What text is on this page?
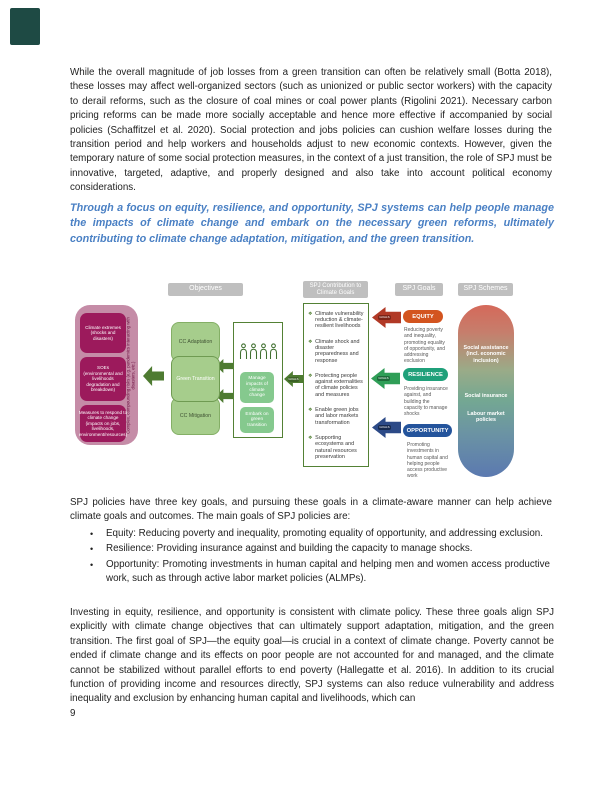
While the overall magnitude of job losses from a green transition can often be relatively small (Botta 2018), these losses may affect well-organized sectors (such as unionized or public sector workers) with the capacity to derail reforms, such as the closure of coal mines or coal power plants (Rigolini 2021). Necessary carbon pricing reforms can be made more socially acceptable and hence more effective if accompanied by social policies (Schaffitzel et al. 2020). Social protection and jobs policies can cushion welfare losses during the transition period and help workers and households adjust to new economic contexts. However, given the temporary nature of some social protection measures, in the context of a just transition, the role of SPJ must be innovative, targeted, adaptive, and properly designed and also take into account political economy considerations.

Through a focus on equity, resilience, and opportunity, SPJ systems can help people manage the impacts of climate change and embark on the necessary green reforms, ultimately contributing to climate change adaptation, mitigation, and the green transition.

Objectives	SPJ Contribution to Climate Goals
SPJ Goals	SPJ Schemes
Climate extremes (shocks and disasters)
SOEs (environmental and livelihoods degradation and breakdown)
Measures to respond to climate change (impacts on jobs, livelihoods, environment/resources)
Complex, compounding risks (e.g. pandemics interacting with disasters, etc.)
CC Adaptation
Green Transition
CC Mitigation
Manage impacts of climate change
Embark on green transition
GOALS
❖ Climate vulnerability reduction & climate-resilient livelihoods
❖ Climate shock and disaster preparedness and response
❖ Protecting people against externalities of climate policies and measures
❖ Enable green jobs and labor markets transformation
❖ Supporting ecosystems and natural resources preservation
GOALS
GOALS
GOALS
EQUITY
Reducing poverty and inequality, promoting equality of opportunity, and addressing exclusion
RESILIENCE
Providing insurance against, and building the capacity to manage shocks
OPPORTUNITY
Promoting investments in human capital and helping people access productive work
Social assistance (incl. economic inclusion)
Social insurance
Labour market policies

SPJ policies have three key goals, and pursuing these goals in a climate-aware manner can help achieve climate goals and outcomes. The main goals of SPJ policies are:

• Equity: Reducing poverty and inequality, promoting equality of opportunity, and addressing exclusion.
• Resilience: Providing insurance against and building the capacity to manage shocks.
• Opportunity: Promoting investments in human capital and helping men and women access productive work, such as through active labor market policies (ALMPs).

Investing in equity, resilience, and opportunity is consistent with climate policy. These three goals align SPJ explicitly with climate change objectives that can ultimately support adaptation, mitigation, and the green transition. The first goal of SPJ—the equity goal—is crucial in a context of climate change. Poverty cannot be ended if climate change and its effects on poor people are not accounted for and managed, and the climate cannot be stabilized without parallel efforts to end poverty (Hallegatte et al. 2016). In addition to its crucial function of providing income and resources directly, SPJ systems can also reduce vulnerability and address inequality and exclusion by enhancing human capital and livelihoods, which can

9
